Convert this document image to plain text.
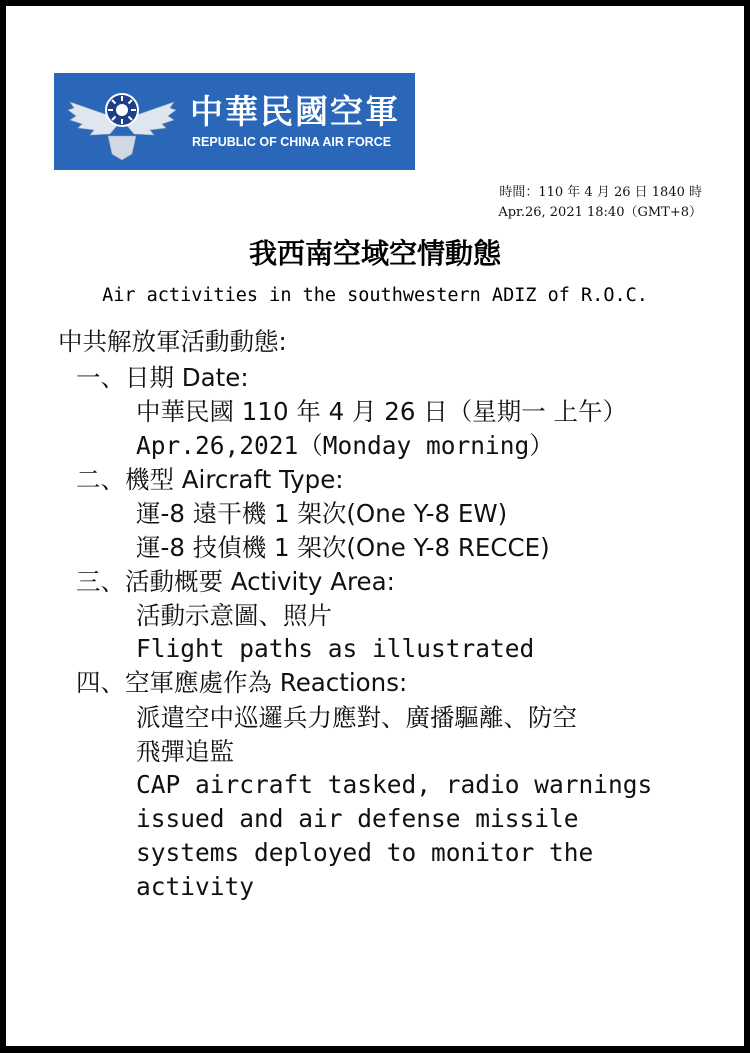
中華民國空軍
REPUBLIC OF CHINA AIR FORCE
時間：110 年 4 月 26 日 1840 時
Apr.26, 2021 18:40（GMT+8）
我西南空域空情動態
Air activities in the southwestern ADIZ of R.O.C.
中共解放軍活動動態:
一、日期 Date:
中華民國 110 年 4 月 26 日（星期一 上午）
Apr.26,2021（Monday morning）
二、機型 Aircraft Type:
運-8 遠干機 1 架次(One Y-8 EW)
運-8 技偵機 1 架次(One Y-8 RECCE)
三、活動概要 Activity Area:
活動示意圖、照片
Flight paths as illustrated
四、空軍應處作為 Reactions:
派遣空中巡邏兵力應對、廣播驅離、防空
飛彈追監
CAP aircraft tasked, radio warnings
issued and air defense missile
systems deployed to monitor the
activity
